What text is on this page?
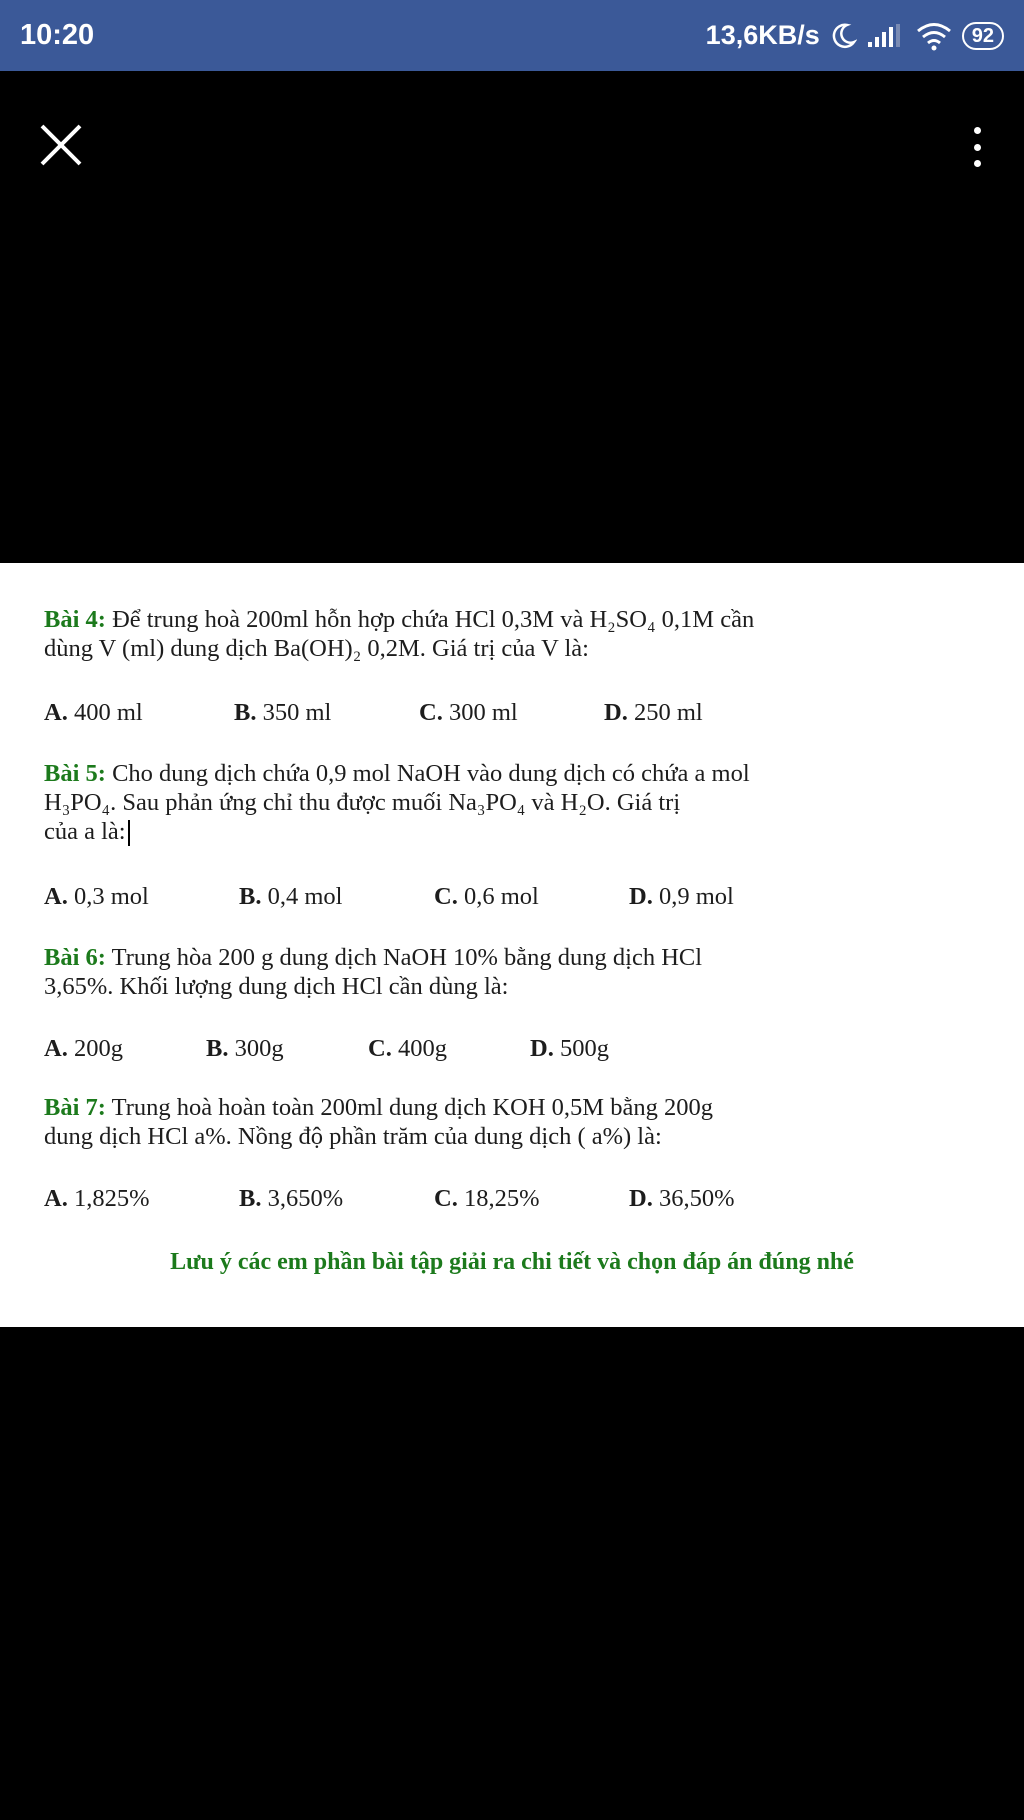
10:20	13,6KB/s	92
Bài 4: Để trung hoà 200ml hỗn hợp chứa HCl 0,3M và H₂SO₄ 0,1M cần
dùng V (ml) dung dịch Ba(OH)₂ 0,2M. Giá trị của V là:
A. 400 ml	B. 350 ml	C. 300 ml	D. 250 ml
Bài 5: Cho dung dịch chứa 0,9 mol NaOH vào dung dịch có chứa a mol
H₃PO₄. Sau phản ứng chỉ thu được muối Na₃PO₄ và H₂O. Giá trị
của a là:
A. 0,3 mol	B. 0,4 mol	C. 0,6 mol	D. 0,9 mol
Bài 6: Trung hòa 200 g dung dịch NaOH 10% bằng dung dịch HCl
3,65%. Khối lượng dung dịch HCl cần dùng là:
A. 200g	B. 300g	C. 400g	D. 500g
Bài 7: Trung hoà hoàn toàn 200ml dung dịch KOH 0,5M bằng 200g
dung dịch HCl a%. Nồng độ phần trăm của dung dịch ( a%) là:
A. 1,825%	B. 3,650%	C. 18,25%	D. 36,50%
Lưu ý các em phần bài tập giải ra chi tiết và chọn đáp án đúng nhé
